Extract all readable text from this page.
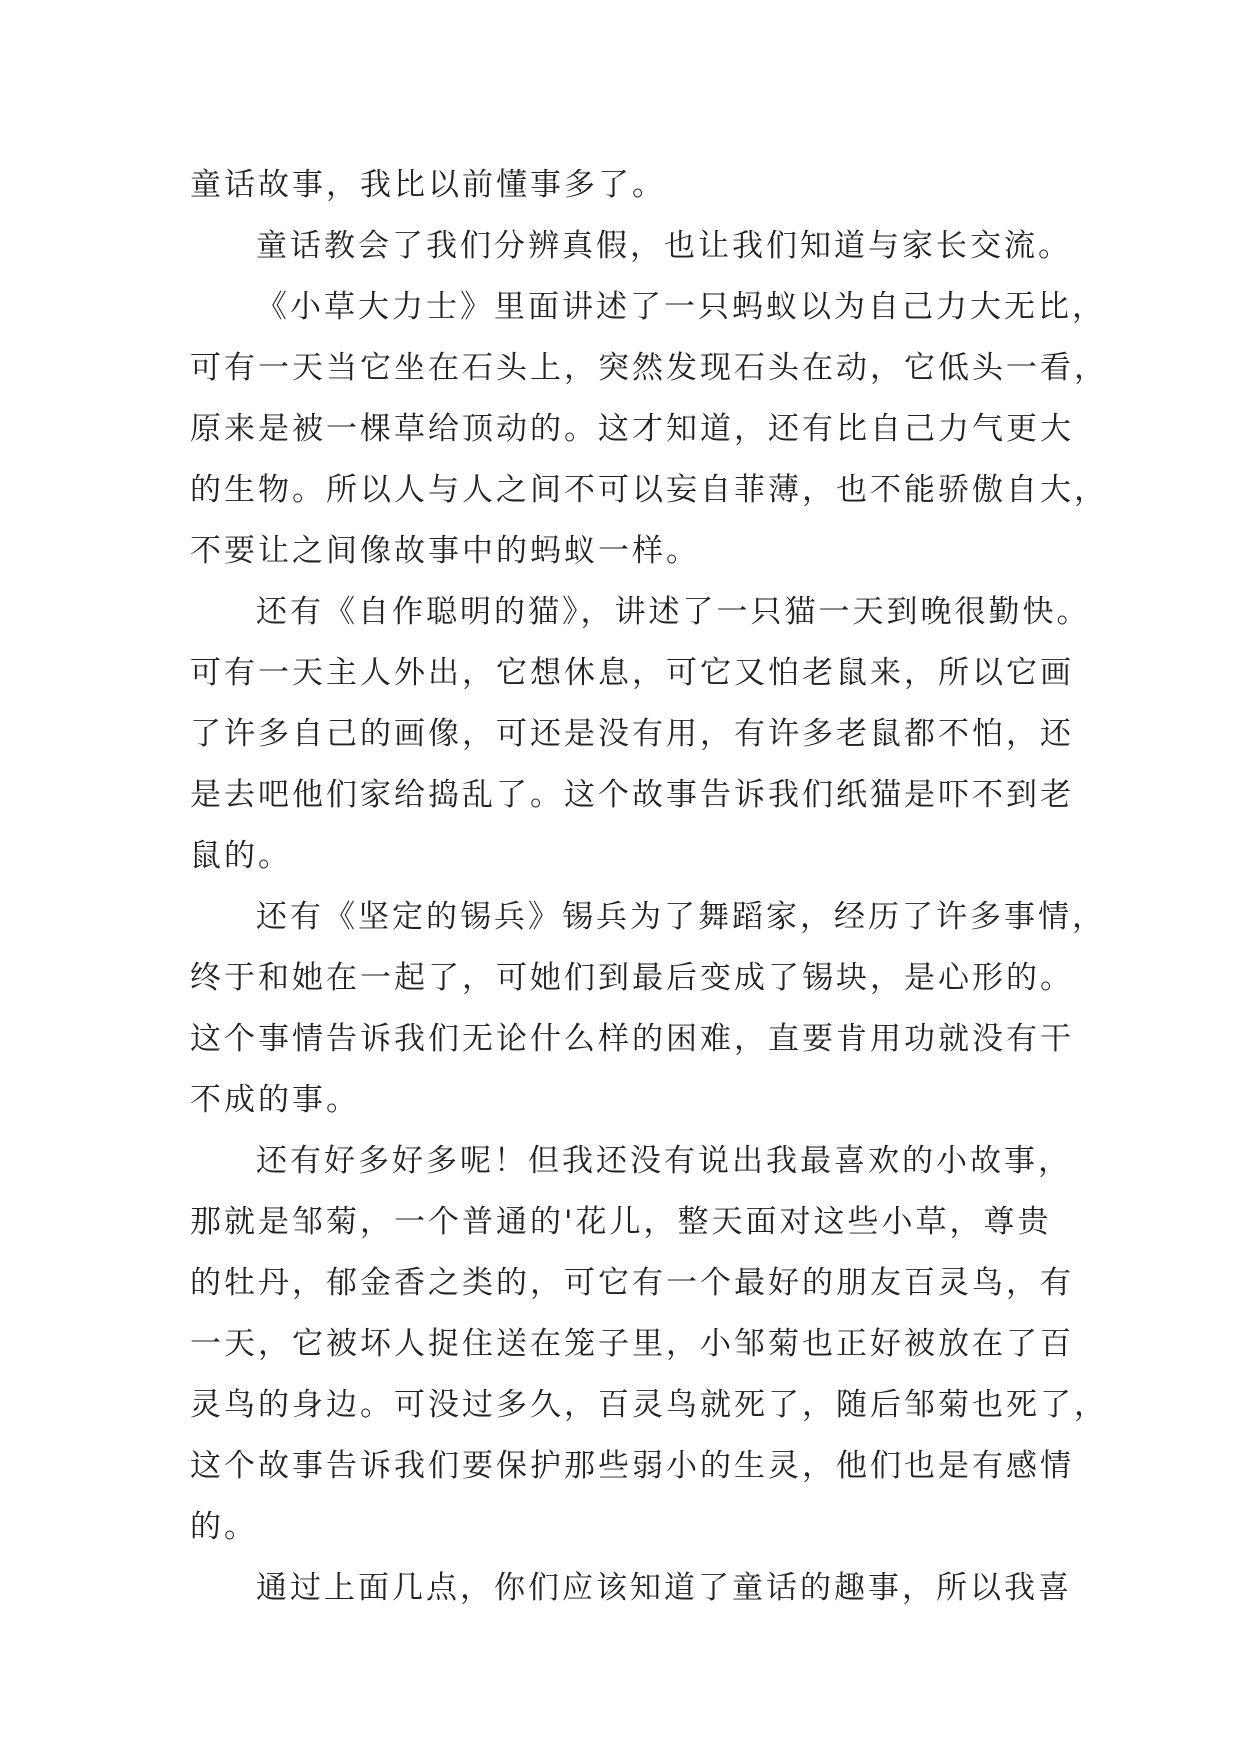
童话故事，我比以前懂事多了。
童话教会了我们分辨真假，也让我们知道与家长交流。
《小草大力士》里面讲述了一只蚂蚁以为自己力大无比，
可有一天当它坐在石头上，突然发现石头在动，它低头一看，
原来是被一棵草给顶动的。这才知道，还有比自己力气更大
的生物。所以人与人之间不可以妄自菲薄，也不能骄傲自大，
不要让之间像故事中的蚂蚁一样。
还有《自作聪明的猫》，讲述了一只猫一天到晚很勤快。
可有一天主人外出，它想休息，可它又怕老鼠来，所以它画
了许多自己的画像，可还是没有用，有许多老鼠都不怕，还
是去吧他们家给捣乱了。这个故事告诉我们纸猫是吓不到老
鼠的。
还有《坚定的锡兵》锡兵为了舞蹈家，经历了许多事情，
终于和她在一起了，可她们到最后变成了锡块，是心形的。
这个事情告诉我们无论什么样的困难，直要肯用功就没有干
不成的事。
还有好多好多呢！但我还没有说出我最喜欢的小故事，
那就是邹菊，一个普通的'花儿，整天面对这些小草，尊贵
的牡丹，郁金香之类的，可它有一个最好的朋友百灵鸟，有
一天，它被坏人捉住送在笼子里，小邹菊也正好被放在了百
灵鸟的身边。可没过多久，百灵鸟就死了，随后邹菊也死了，
这个故事告诉我们要保护那些弱小的生灵，他们也是有感情
的。
通过上面几点，你们应该知道了童话的趣事，所以我喜
